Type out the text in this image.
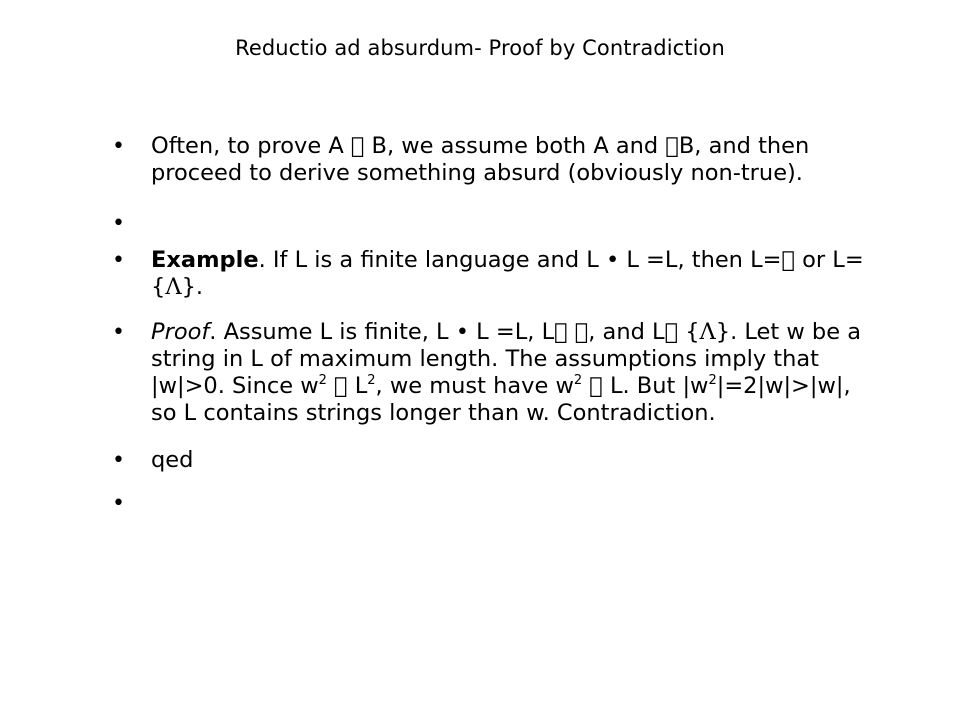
Reductio ad absurdum- Proof by Contradiction
• Often, to prove A B, we assume both A and B, and then proceed to derive something absurd (obviously non-true).
•
• Example. If L is a finite language and L • L =L, then L= or L={Λ}.
• Proof. Assume L is finite, L • L =L, L , and L {Λ}. Let w be a string in L of maximum length. The assumptions imply that |w|>0. Since $w^2$ $L^2$, we must have $w^2$ L. But $|w^2|=2|w|>|w|$, so L contains strings longer than w. Contradiction.
• qed
•
